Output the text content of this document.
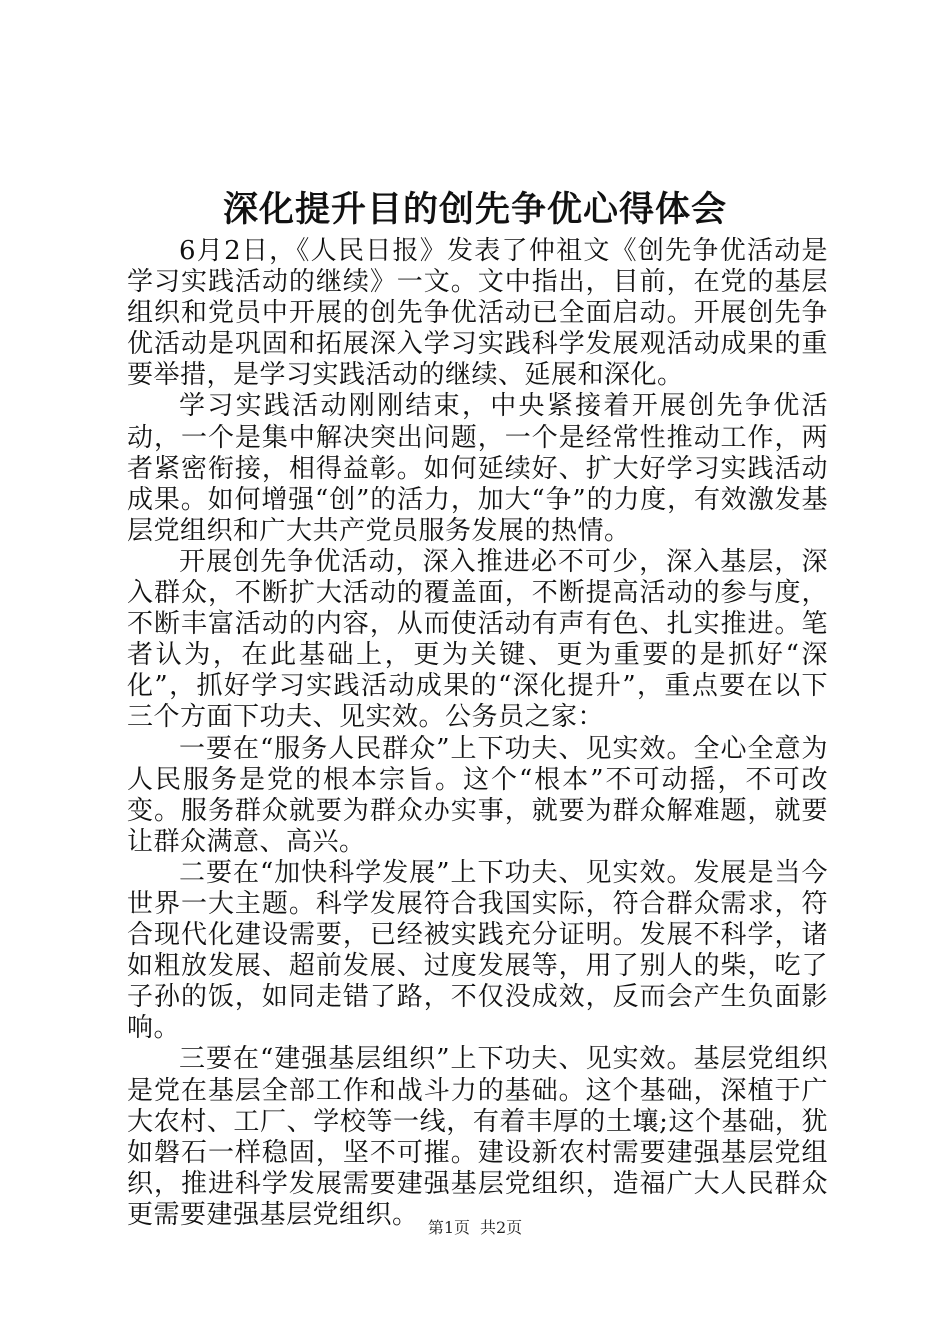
深化提升目的创先争优心得体会

6月2日，《人民日报》发表了仲祖文《创先争优活动是学习实践活动的继续》一文。文中指出，目前，在党的基层组织和党员中开展的创先争优活动已全面启动。开展创先争优活动是巩固和拓展深入学习实践科学发展观活动成果的重要举措，是学习实践活动的继续、延展和深化。

学习实践活动刚刚结束，中央紧接着开展创先争优活动，一个是集中解决突出问题，一个是经常性推动工作，两者紧密衔接，相得益彰。如何延续好、扩大好学习实践活动成果。如何增强“创”的活力，加大“争”的力度，有效激发基层党组织和广大共产党员服务发展的热情。

开展创先争优活动，深入推进必不可少，深入基层，深入群众，不断扩大活动的覆盖面，不断提高活动的参与度，不断丰富活动的内容，从而使活动有声有色、扎实推进。笔者认为，在此基础上，更为关键、更为重要的是抓好“深化”，抓好学习实践活动成果的“深化提升”，重点要在以下三个方面下功夫、见实效。公务员之家：

一要在“服务人民群众”上下功夫、见实效。全心全意为人民服务是党的根本宗旨。这个“根本”不可动摇，不可改变。服务群众就要为群众办实事，就要为群众解难题，就要让群众满意、高兴。

二要在“加快科学发展”上下功夫、见实效。发展是当今世界一大主题。科学发展符合我国实际，符合群众需求，符合现代化建设需要，已经被实践充分证明。发展不科学，诸如粗放发展、超前发展、过度发展等，用了别人的柴，吃了子孙的饭，如同走错了路，不仅没成效，反而会产生负面影响。

三要在“建强基层组织”上下功夫、见实效。基层党组织是党在基层全部工作和战斗力的基础。这个基础，深植于广大农村、工厂、学校等一线，有着丰厚的土壤;这个基础，犹如磐石一样稳固，坚不可摧。建设新农村需要建强基层党组织，推进科学发展需要建强基层党组织，造福广大人民群众更需要建强基层党组织。 第1页 共2页
